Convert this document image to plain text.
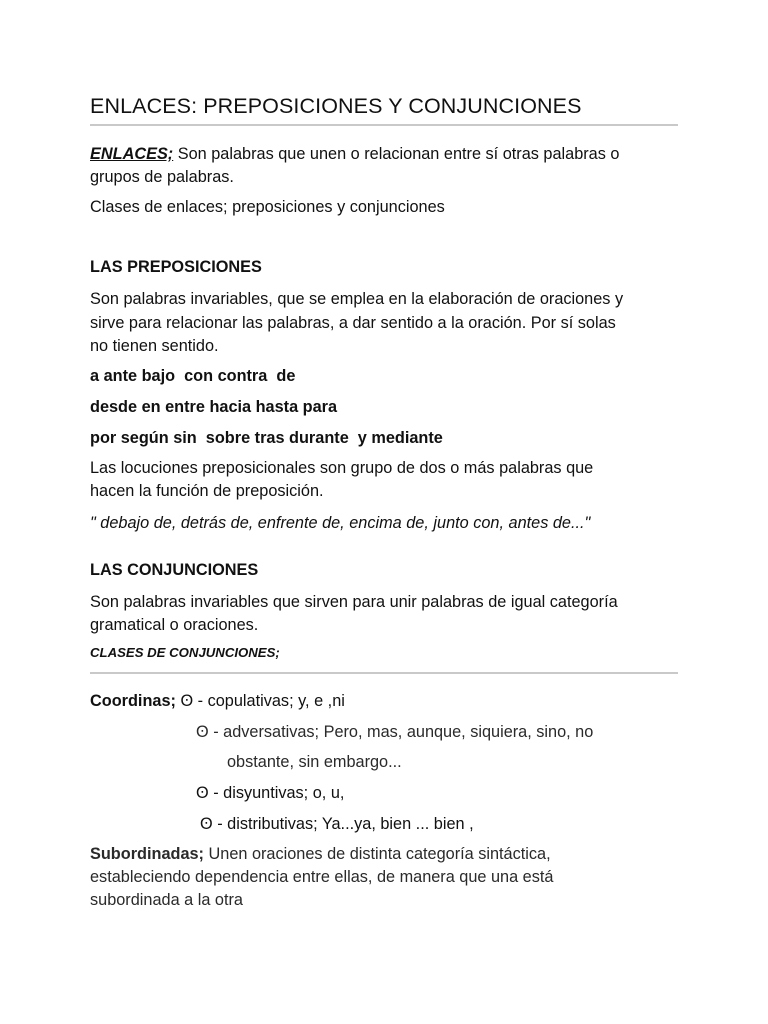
ENLACES: PREPOSICIONES Y CONJUNCIONES
ENLACES; Son palabras que unen o relacionan entre sí otras palabras o
grupos de palabras.
Clases de enlaces; preposiciones y conjunciones
LAS PREPOSICIONES
Son palabras invariables, que se emplea en la elaboración de oraciones y
sirve para relacionar las palabras, a dar sentido a la oración. Por sí solas
no tienen sentido.
a ante bajo  con contra  de
desde en entre hacia hasta para
por según sin  sobre tras durante  y mediante
Las locuciones preposicionales son grupo de dos o más palabras que
hacen la función de preposición.
" debajo de, detrás de, enfrente de, encima de, junto con, antes de..."
LAS CONJUNCIONES
Son palabras invariables que sirven para unir palabras de igual categoría
gramatical o oraciones.
CLASES DE CONJUNCIONES;
Coordinas; ʘ - copulativas; y, e ,ni
ʘ - adversativas; Pero, mas, aunque, siquiera, sino, no
obstante, sin embargo...
ʘ - disyuntivas; o, u,
ʘ - distributivas; Ya...ya, bien ... bien ,
Subordinadas; Unen oraciones de distinta categoría sintáctica,
estableciendo dependencia entre ellas, de manera que una está
subordinada a la otra
